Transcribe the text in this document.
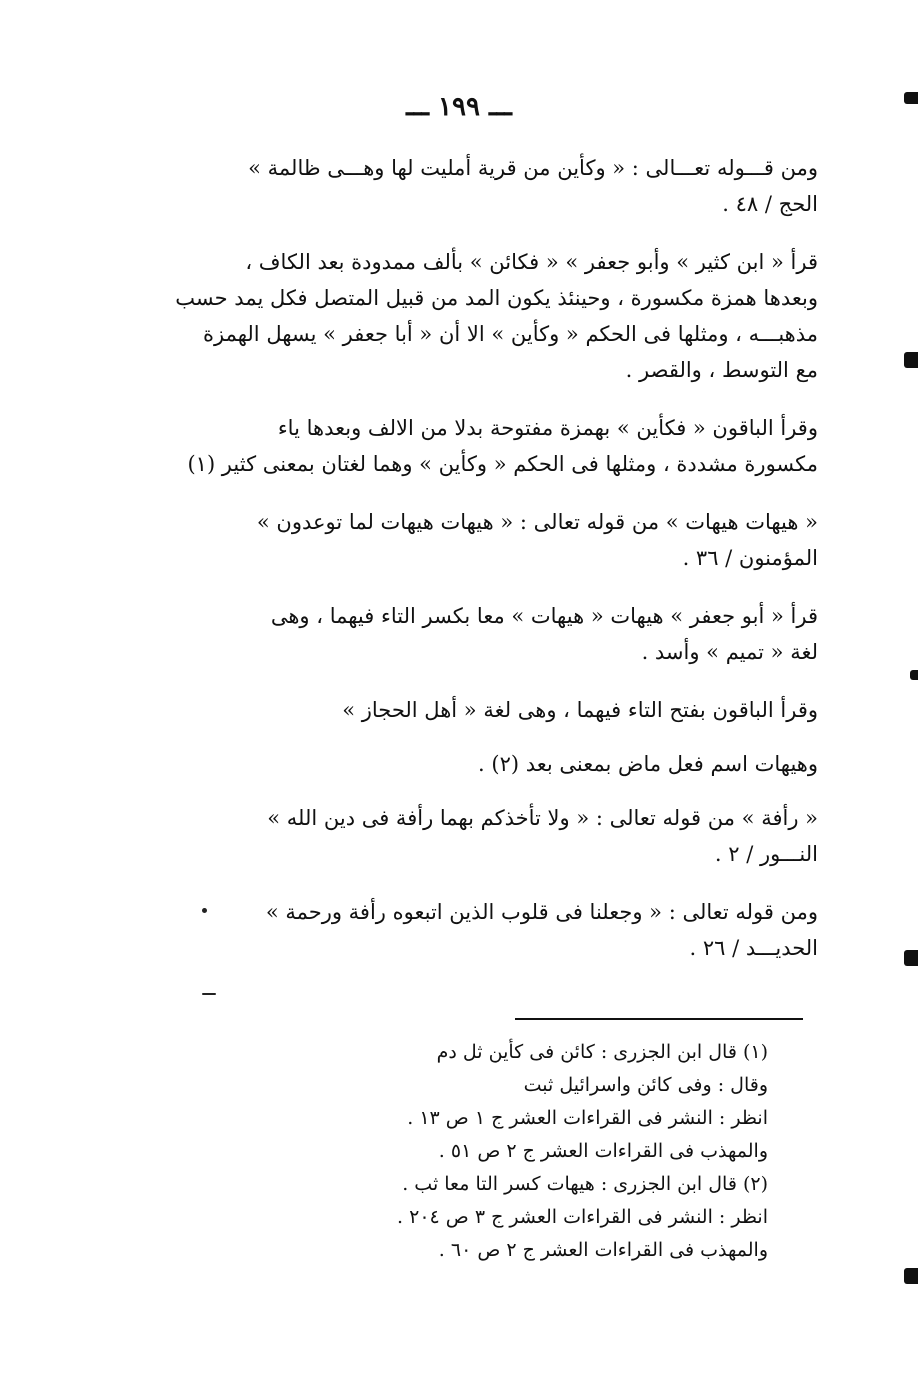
ـــ ١٩٩ ـــ
ومن قـــوله تعـــالى : « وكأين من قرية أمليت لها وهـــى ظالمة »
الحج / ٤٨ .
قرأ « ابن كثير » وأبو جعفر » « فكائن » بألف ممدودة بعد الكاف ،
وبعدها همزة مكسورة ، وحينئذ يكون المد من قبيل المتصل فكل يمد حسب
مذهبـــه ، ومثلها فى الحكم « وكأين » الا أن « أبا جعفر » يسهل الهمزة
مع التوسط ، والقصر .
وقرأ الباقون « فكأين » بهمزة مفتوحة بدلا من الالف وبعدها ياء
مكسورة مشددة ، ومثلها فى الحكم « وكأين » وهما لغتان بمعنى كثير (١)
« هيهات هيهات » من قوله تعالى : « هيهات هيهات لما توعدون »
المؤمنون / ٣٦ .
قرأ « أبو جعفر » هيهات « هيهات » معا بكسر التاء فيهما ، وهى
لغة « تميم » وأسد .
وقرأ الباقون بفتح التاء فيهما ، وهى لغة « أهل الحجاز »
وهيهات اسم فعل ماض بمعنى بعد (٢) .
« رأفة » من قوله تعالى : « ولا تأخذكم بهما رأفة فى دين الله »
النـــور / ٢ .
ومن قوله تعالى : « وجعلنا فى قلوب الذين اتبعوه رأفة ورحمة »
الحديـــد / ٢٦ .
(١) قال ابن الجزرى : كائن فى كأين ثل دم
وقال : وفى كائن واسرائيل ثبت
انظر : النشر فى القراءات العشر ج ١ ص ١٣ .
والمهذب فى القراءات العشر ج ٢ ص ٥١ .
(٢) قال ابن الجزرى : هيهات كسر التا معا ثب .
انظر : النشر فى القراءات العشر ج ٣ ص ٢٠٤ .
والمهذب فى القراءات العشر ج ٢ ص ٦٠ .
